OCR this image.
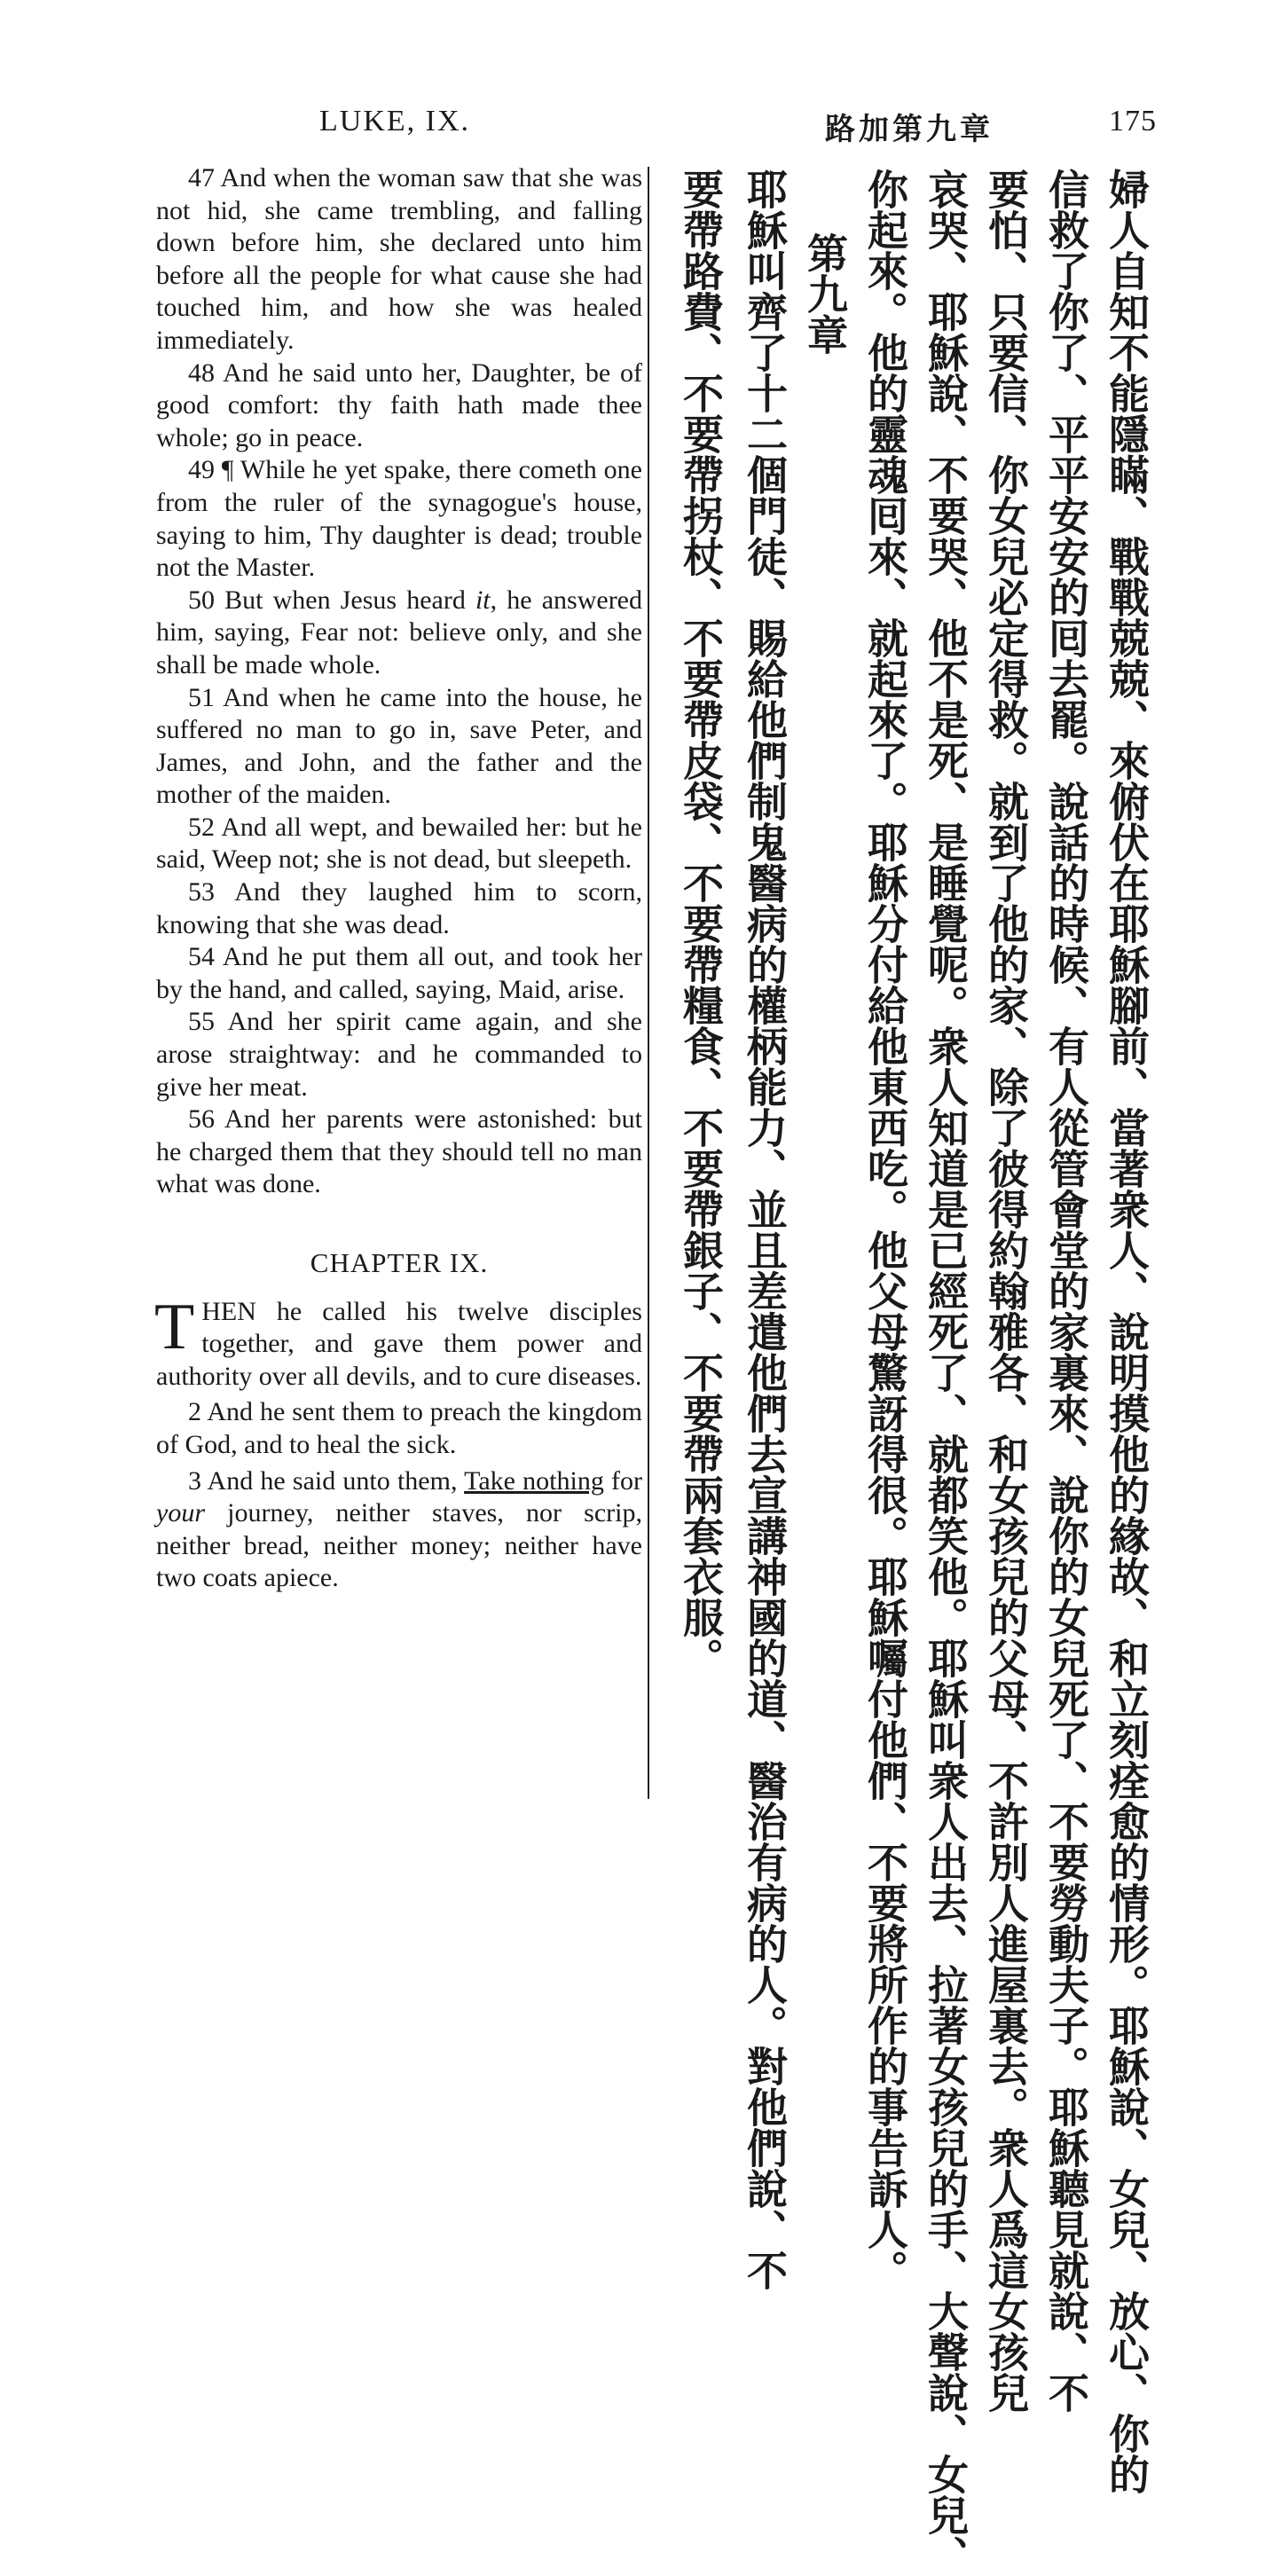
LUKE, IX.	路加第九章	175

47 And when the woman saw that she was not hid, she came trembling, and falling down before him, she declared unto him before all the people for what cause she had touched him, and how she was healed immediately.

48 And he said unto her, Daughter, be of good comfort: thy faith hath made thee whole; go in peace.

49 ¶ While he yet spake, there cometh one from the ruler of the synagogue's house, saying to him, Thy daughter is dead; trouble not the Master.

50 But when Jesus heard it, he answered him, saying, Fear not: believe only, and she shall be made whole.

51 And when he came into the house, he suffered no man to go in, save Peter, and James, and John, and the father and the mother of the maiden.

52 And all wept, and bewailed her: but he said, Weep not; she is not dead, but sleepeth.

53 And they laughed him to scorn, knowing that she was dead.

54 And he put them all out, and took her by the hand, and called, saying, Maid, arise.

55 And her spirit came again, and she arose straightway: and he commanded to give her meat.

56 And her parents were astonished: but he charged them that they should tell no man what was done.

CHAPTER IX.

THEN he called his twelve disciples together, and gave them power and authority over all devils, and to cure diseases.

2 And he sent them to preach the kingdom of God, and to heal the sick.

3 And he said unto them, Take nothing for your journey, neither staves, nor scrip, neither bread, neither money; neither have two coats apiece.	婦人自知不能隱瞞、戰戰兢兢、來俯伏在耶穌腳前、當著衆人、說明摸他的緣故、和立刻痊愈的情形。耶穌說、女兒、放心、你的
信救了你了、平平安安的囘去罷。說話的時候、有人從管會堂的家裏來、說你的女兒死了、不要勞動夫子。耶穌聽見就說、不
要怕、只要信、你女兒必定得救。就到了他的家、除了彼得約翰雅各、和女孩兒的父母、不許別人進屋裏去。衆人爲這女孩兒
哀哭、耶穌說、不要哭、他不是死、是睡覺呢。衆人知道是已經死了、就都笑他。耶穌叫衆人出去、拉著女孩兒的手、大聲說、女兒、
你起來。他的靈魂囘來、就起來了。耶穌分付給他東西吃。他父母驚訝得很。耶穌囑付他們、不要將所作的事告訴人。
第九章
耶穌叫齊了十二個門徒、賜給他們制鬼醫病的權柄能力、並且差遣他們去宣講神國的道、醫治有病的人。對他們說、不
要帶路費、不要帶拐杖、不要帶皮袋、不要帶糧食、不要帶銀子、不要帶兩套衣服。
